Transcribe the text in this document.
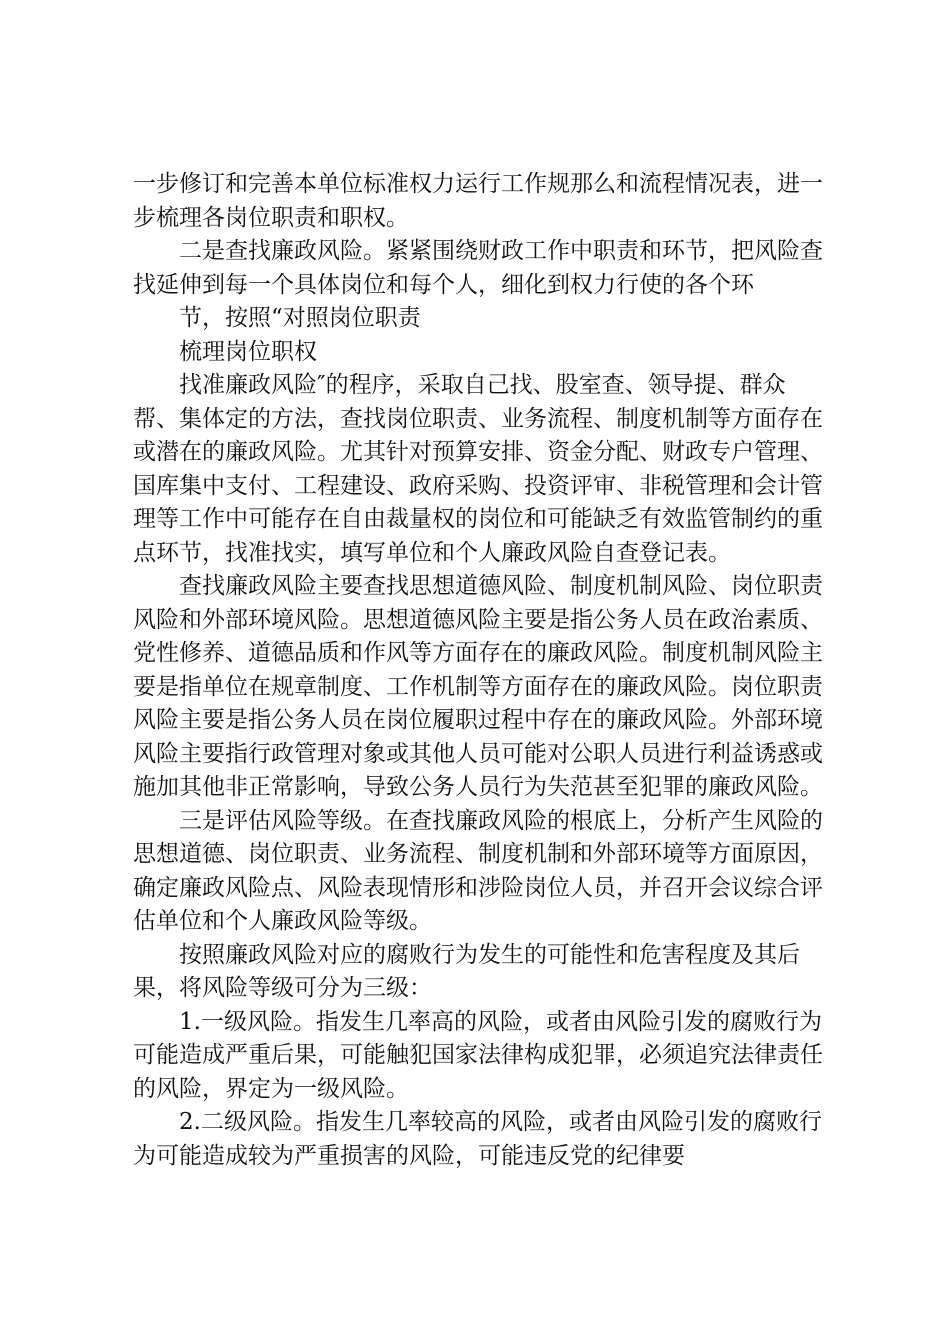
一步修订和完善本单位标准权力运行工作规那么和流程情况表，进一步梳理各岗位职责和职权。

二是查找廉政风险。紧紧围绕财政工作中职责和环节，把风险查找延伸到每一个具体岗位和每个人，细化到权力行使的各个环

节，按照“对照岗位职责

梳理岗位职权

找准廉政风险″的程序，采取自己找、股室查、领导提、群众帮、集体定的方法，查找岗位职责、业务流程、制度机制等方面存在或潜在的廉政风险。尤其针对预算安排、资金分配、财政专户管理、国库集中支付、工程建设、政府采购、投资评审、非税管理和会计管理等工作中可能存在自由裁量权的岗位和可能缺乏有效监管制约的重点环节，找准找实，填写单位和个人廉政风险自查登记表。

查找廉政风险主要查找思想道德风险、制度机制风险、岗位职责风险和外部环境风险。思想道德风险主要是指公务人员在政治素质、党性修养、道德品质和作风等方面存在的廉政风险。制度机制风险主要是指单位在规章制度、工作机制等方面存在的廉政风险。岗位职责风险主要是指公务人员在岗位履职过程中存在的廉政风险。外部环境风险主要指行政管理对象或其他人员可能对公职人员进行利益诱惑或施加其他非正常影响，导致公务人员行为失范甚至犯罪的廉政风险。

三是评估风险等级。在查找廉政风险的根底上，分析产生风险的思想道德、岗位职责、业务流程、制度机制和外部环境等方面原因，确定廉政风险点、风险表现情形和涉险岗位人员，并召开会议综合评估单位和个人廉政风险等级。

按照廉政风险对应的腐败行为发生的可能性和危害程度及其后果，将风险等级可分为三级：

1.一级风险。指发生几率高的风险，或者由风险引发的腐败行为可能造成严重后果，可能触犯国家法律构成犯罪，必须追究法律责任的风险，界定为一级风险。

2.二级风险。指发生几率较高的风险，或者由风险引发的腐败行为可能造成较为严重损害的风险，可能违反党的纪律要
